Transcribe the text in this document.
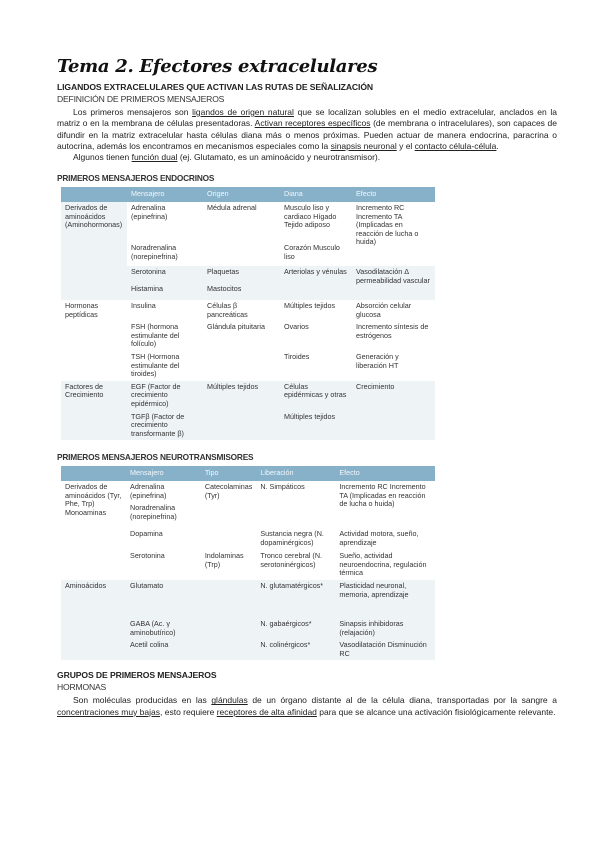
Tema 2. Efectores extracelulares
LIGANDOS EXTRACELULARES QUE ACTIVAN LAS RUTAS DE SEÑALIZACIÓN
DEFINICIÓN DE PRIMEROS MENSAJEROS

Los primeros mensajeros son ligandos de origen natural que se localizan solubles en el medio extracelular, anclados en la matriz o en la membrana de células presentadoras. Activan receptores específicos (de membrana o intracelulares), son capaces de difundir en la matriz extracelular hasta células diana más o menos próximas. Pueden actuar de manera endocrina, paracrina o autocrina, además los encontramos en mecanismos especiales como la sinapsis neuronal y el contacto célula-célula.

Algunos tienen función dual (ej. Glutamato, es un aminoácido y neurotransmisor).

PRIMEROS MENSAJEROS ENDOCRINOS
	Mensajero	Origen	Diana	Efecto
Derivados de aminoácidos (Aminohormonas)	Adrenalina (epinefrina)	Médula adrenal	Musculo liso y cardiaco Hígado Tejido adiposo	Incremento RC Incremento TA (Implicadas en reacción de lucha o huida)
	Noradrenalina (norepinefrina)		Corazón Musculo liso	
	Serotonina	Plaquetas	Arteriolas y vénulas	Vasodilatación Δ permeabilidad vascular
	Histamina	Mastocitos		
Hormonas peptídicas	Insulina	Células β pancreáticas	Múltiples tejidos	Absorción celular glucosa
	FSH (hormona estimulante del folículo)	Glándula pituitaria	Ovarios	Incremento síntesis de estrógenos
	TSH (Hormona estimulante del tiroides)		Tiroides	Generación y liberación HT
Factores de Crecimiento	EGF (Factor de crecimiento epidérmico)	Múltiples tejidos	Células epidérmicas y otras	Crecimiento
	TGFβ (Factor de crecimiento transformante β)		Múltiples tejidos	
PRIMEROS MENSAJEROS NEUROTRANSMISORES
	Mensajero	Tipo	Liberación	Efecto
Derivados de aminoácidos (Tyr, Phe, Trp) Monoaminas	Adrenalina (epinefrina)	Catecolaminas (Tyr)	N. Simpáticos	Incremento RC Incremento TA (Implicadas en reacción de lucha o huida)
	Noradrenalina (norepinefrina)			
	Dopamina		Sustancia negra (N. dopaminérgicos)	Actividad motora, sueño, aprendizaje
	Serotonina	Indolaminas (Trp)	Tronco cerebral (N. serotoninérgicos)	Sueño, actividad neuroendocrina, regulación térmica
Aminoácidos	Glutamato		N. glutamatérgicos*	Plasticidad neuronal, memoria, aprendizaje
	GABA (Ac. γ aminobutírico)		N. gabaérgicos*	Sinapsis inhibidoras (relajación)
	Acetil colina		N. colinérgicos*	Vasodilatación Disminución RC
GRUPOS DE PRIMEROS MENSAJEROS
HORMONAS

Son moléculas producidas en las glándulas de un órgano distante al de la célula diana, transportadas por la sangre a concentraciones muy bajas, esto requiere receptores de alta afinidad para que se alcance una activación fisiológicamente relevante.
